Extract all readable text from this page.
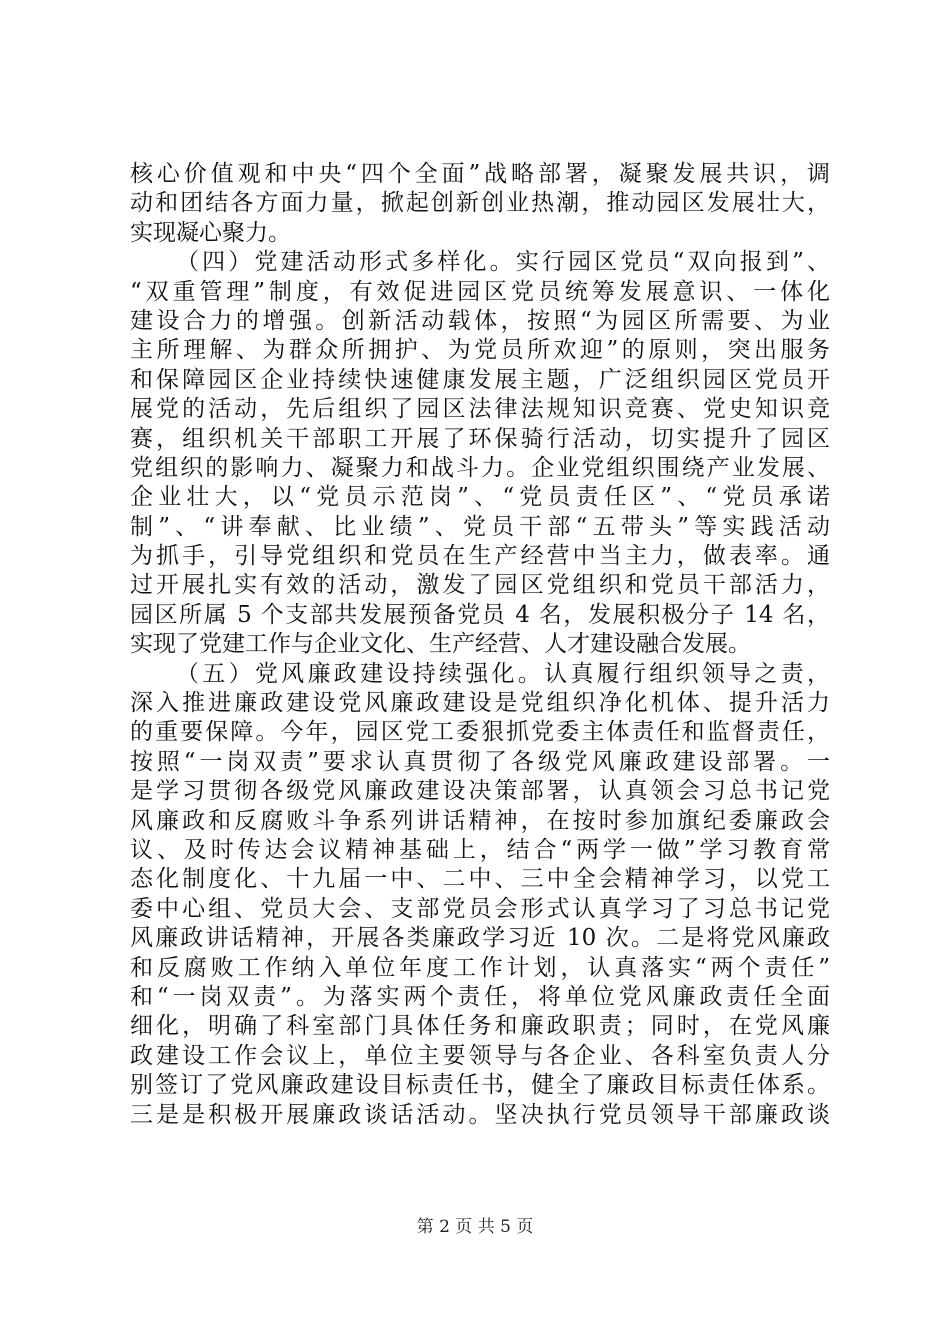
核心价值观和中央“四个全面”战略部署，凝聚发展共识，调
动和团结各方面力量，掀起创新创业热潮，推动园区发展壮大，
实现凝心聚力。
（四）党建活动形式多样化。实行园区党员“双向报到”、
“双重管理”制度，有效促进园区党员统筹发展意识、一体化
建设合力的增强。创新活动载体，按照“为园区所需要、为业
主所理解、为群众所拥护、为党员所欢迎”的原则，突出服务
和保障园区企业持续快速健康发展主题，广泛组织园区党员开
展党的活动，先后组织了园区法律法规知识竞赛、党史知识竞
赛，组织机关干部职工开展了环保骑行活动，切实提升了园区
党组织的影响力、凝聚力和战斗力。企业党组织围绕产业发展、
企业壮大，以“党员示范岗”、“党员责任区”、“党员承诺
制”、“讲奉献、比业绩”、党员干部“五带头”等实践活动
为抓手，引导党组织和党员在生产经营中当主力，做表率。通
过开展扎实有效的活动，激发了园区党组织和党员干部活力，
园区所属 5 个支部共发展预备党员 4 名，发展积极分子 14 名，
实现了党建工作与企业文化、生产经营、人才建设融合发展。
（五）党风廉政建设持续强化。认真履行组织领导之责，
深入推进廉政建设党风廉政建设是党组织净化机体、提升活力
的重要保障。今年，园区党工委狠抓党委主体责任和监督责任，
按照“一岗双责”要求认真贯彻了各级党风廉政建设部署。一
是学习贯彻各级党风廉政建设决策部署，认真领会习总书记党
风廉政和反腐败斗争系列讲话精神，在按时参加旗纪委廉政会
议、及时传达会议精神基础上，结合“两学一做”学习教育常
态化制度化、十九届一中、二中、三中全会精神学习，以党工
委中心组、党员大会、支部党员会形式认真学习了习总书记党
风廉政讲话精神，开展各类廉政学习近 10 次。二是将党风廉政
和反腐败工作纳入单位年度工作计划，认真落实“两个责任”
和“一岗双责”。为落实两个责任，将单位党风廉政责任全面
细化，明确了科室部门具体任务和廉政职责；同时，在党风廉
政建设工作会议上，单位主要领导与各企业、各科室负责人分
别签订了党风廉政建设目标责任书，健全了廉政目标责任体系。
三是是积极开展廉政谈话活动。坚决执行党员领导干部廉政谈
第 2 页 共 5 页
